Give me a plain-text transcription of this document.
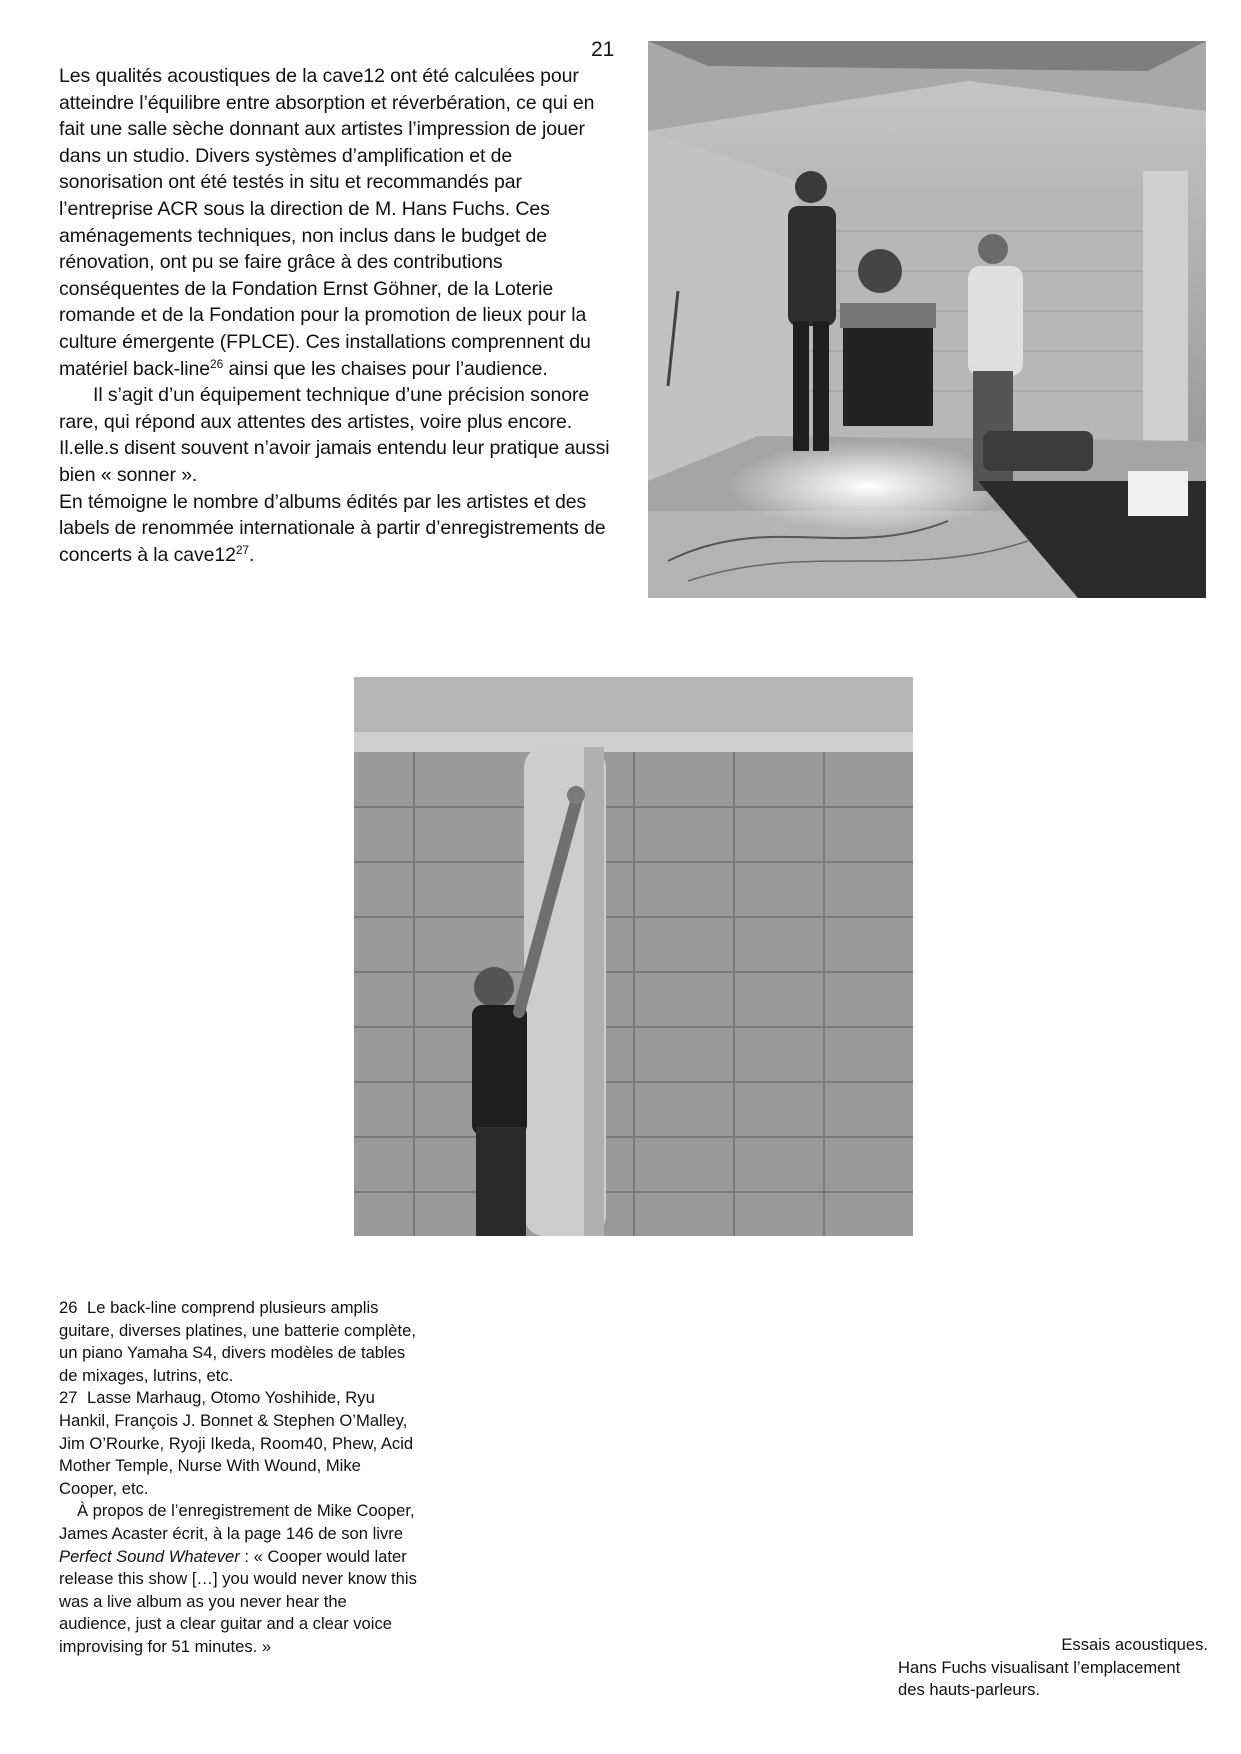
21

Les qualités acoustiques de la cave12 ont été calculées pour atteindre l’équilibre entre absorption et réverbération, ce qui en fait une salle sèche donnant aux artistes l’impression de jouer dans un studio. Divers systèmes d’amplification et de sonorisation ont été testés in situ et recommandés par l’entreprise ACR sous la direction de M. Hans Fuchs. Ces aménagements techniques, non inclus dans le budget de rénovation, ont pu se faire grâce à des contributions conséquentes de la Fondation Ernst Göhner, de la Loterie romande et de la Fondation pour la promotion de lieux pour la culture émergente (FPLCE). Ces installations comprennent du matériel back-line$^{26}$ ainsi que les chaises pour l’audience.

Il s’agit d’un équipement technique d’une précision sonore rare, qui répond aux attentes des artistes, voire plus encore. Il.elle.s disent souvent n’avoir jamais entendu leur pratique aussi bien « sonner ».

En témoigne le nombre d’albums édités par les artistes et des labels de renommée internationale à partir d’enregistrements de concerts à la $cave12^{27}$.

26 Le back-line comprend plusieurs amplis guitare, diverses platines, une batterie complète, un piano Yamaha S4, divers modèles de tables de mixages, lutrins, etc.
27 Lasse Marhaug, Otomo Yoshihide, Ryu Hankil, François J. Bonnet & Stephen O’Malley, Jim O’Rourke, Ryoji Ikeda, Room40, Phew, Acid Mother Temple, Nurse With Wound, Mike Cooper, etc.

À propos de l’enregistrement de Mike Cooper, James Acaster écrit, à la page 146 de son livre Perfect Sound Whatever : « Cooper would later release this show […] you would never know this was a live album as you never hear the audience, just a clear guitar and a clear voice improvising for 51 minutes. »	Essais acoustiques.
Hans Fuchs visualisant l’emplacement des hauts-parleurs.
